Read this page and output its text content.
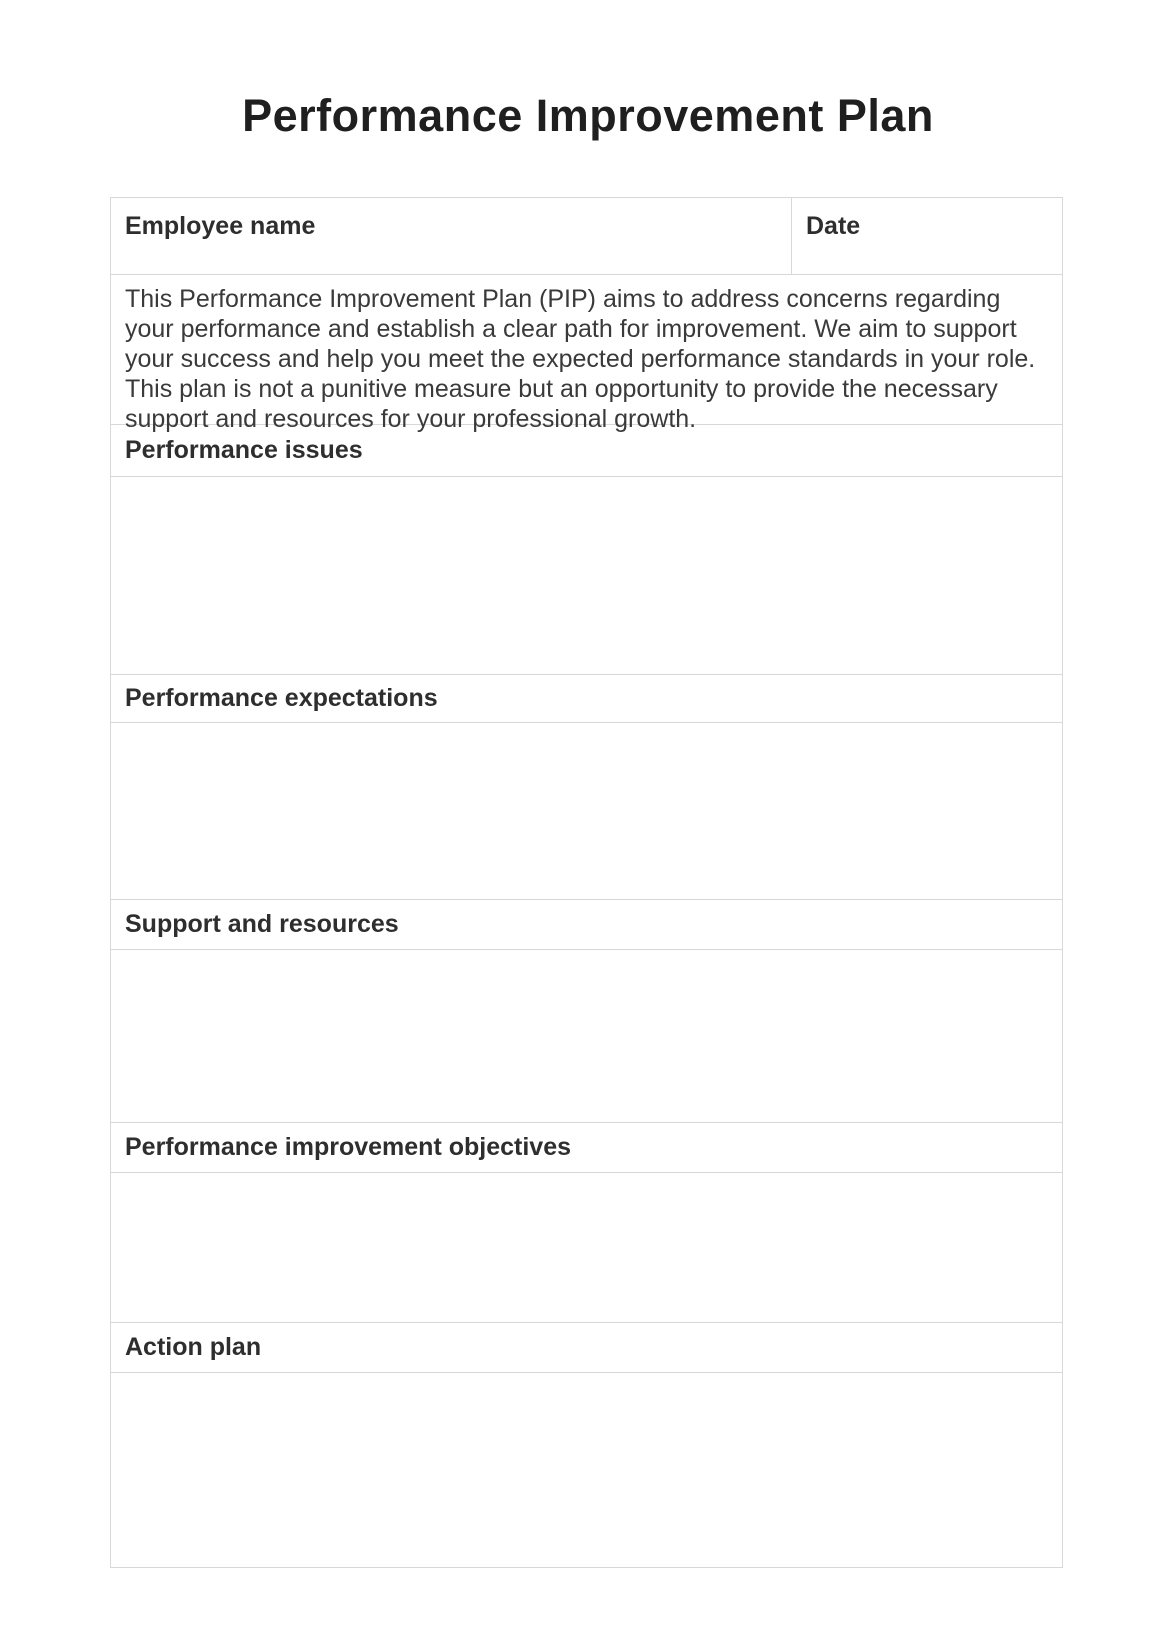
Performance Improvement Plan
Employee name	Date

This Performance Improvement Plan (PIP) aims to address concerns regarding your performance and establish a clear path for improvement. We aim to support your success and help you meet the expected performance standards in your role. This plan is not a punitive measure but an opportunity to provide the necessary support and resources for your professional growth.

Performance issues
Performance expectations
Support and resources
Performance improvement objectives
Action plan
